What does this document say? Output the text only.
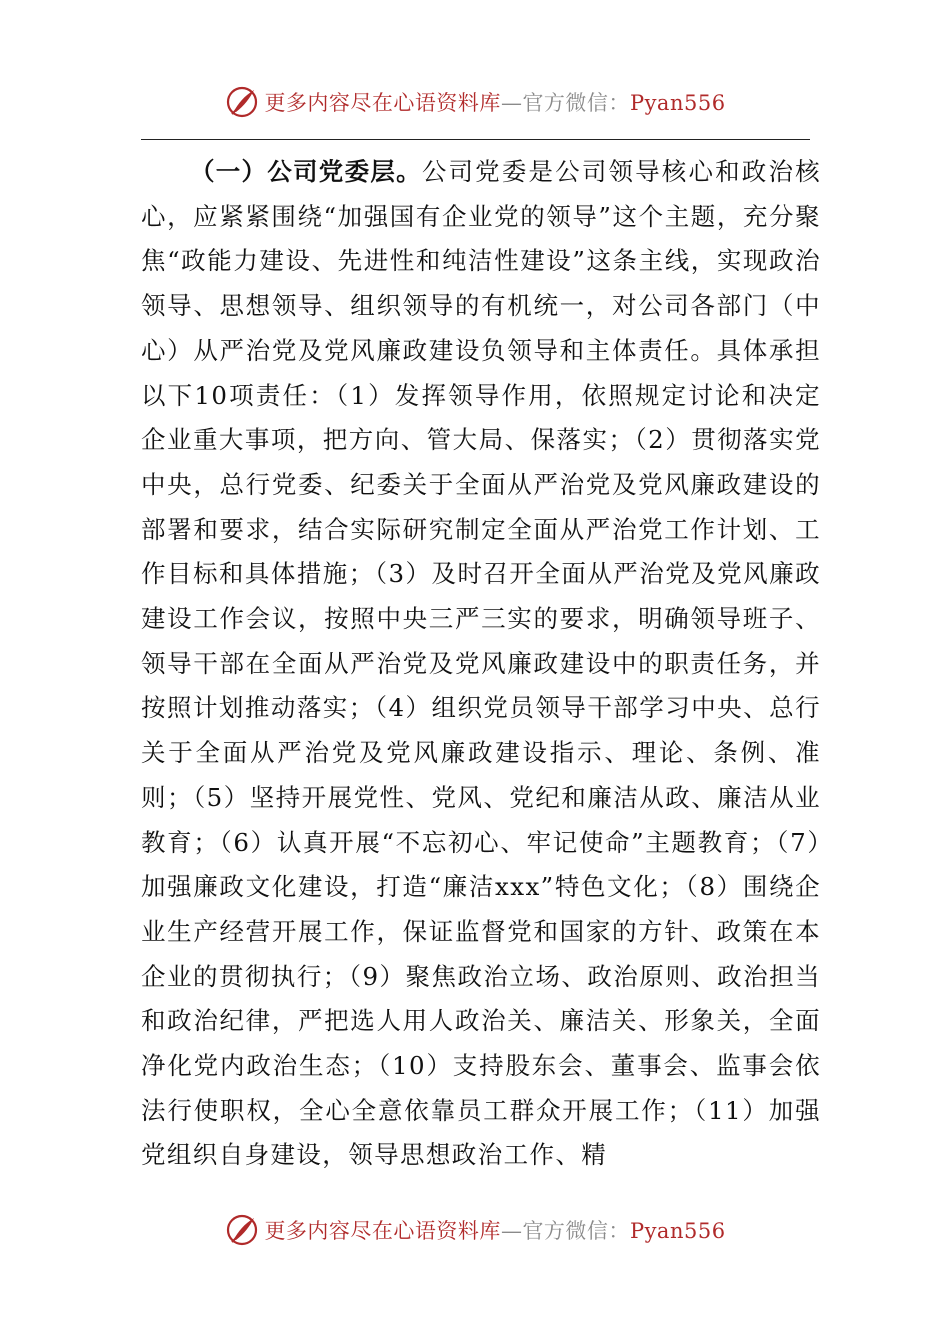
更多内容尽在心语资料库—官方微信：Pyan556

（一）公司党委层。公司党委是公司领导核心和政治核心，应紧紧围绕“加强国有企业党的领导”这个主题，充分聚焦“政能力建设、先进性和纯洁性建设”这条主线，实现政治领导、思想领导、组织领导的有机统一，对公司各部门（中心）从严治党及党风廉政建设负领导和主体责任。具体承担以下10项责任：（1）发挥领导作用，依照规定讨论和决定企业重大事项，把方向、管大局、保落实；（2）贯彻落实党中央，总行党委、纪委关于全面从严治党及党风廉政建设的部署和要求，结合实际研究制定全面从严治党工作计划、工作目标和具体措施；（3）及时召开全面从严治党及党风廉政建设工作会议，按照中央三严三实的要求，明确领导班子、领导干部在全面从严治党及党风廉政建设中的职责任务，并按照计划推动落实；（4）组织党员领导干部学习中央、总行关于全面从严治党及党风廉政建设指示、理论、条例、准则；（5）坚持开展党性、党风、党纪和廉洁从政、廉洁从业教育；（6）认真开展“不忘初心、牢记使命”主题教育；（7）加强廉政文化建设，打造“廉洁xxx”特色文化；（8）围绕企业生产经营开展工作，保证监督党和国家的方针、政策在本企业的贯彻执行；（9）聚焦政治立场、政治原则、政治担当和政治纪律，严把选人用人政治关、廉洁关、形象关，全面净化党内政治生态；（10）支持股东会、董事会、监事会依法行使职权，全心全意依靠员工群众开展工作；（11）加强党组织自身建设，领导思想政治工作、精

更多内容尽在心语资料库—官方微信：Pyan556
